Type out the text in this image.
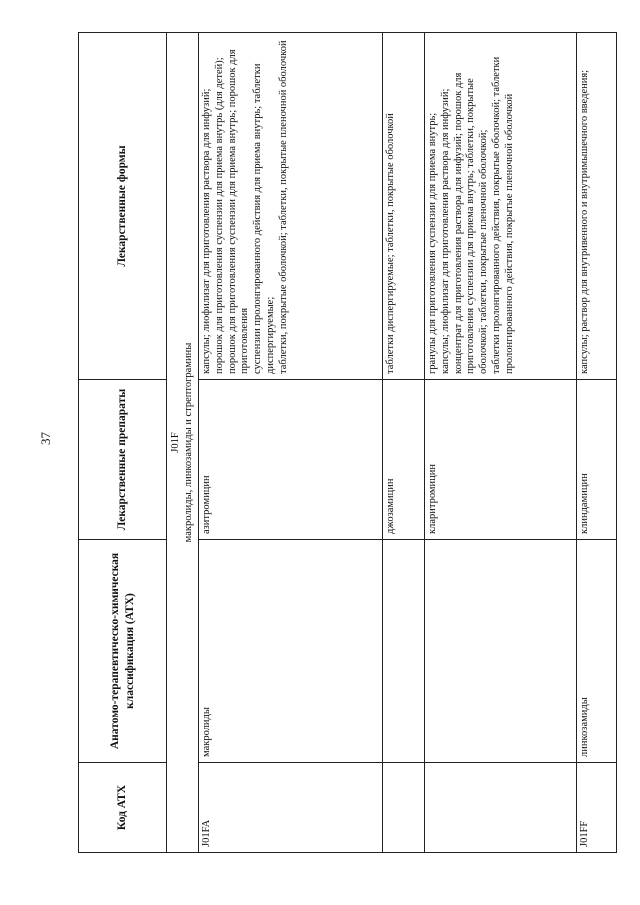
37
Код АТХ	Анатомо-терапевтическо-химическая классификация (АТХ)	Лекарственные препараты	Лекарственные формы

J01F макролиды, линкозамиды и стрептограмины			

J01FA	макролиды	азитромицин	капсулы; лиофилизат для приготовления раствора для инфузий; порошок для приготовления суспензии для приема внутрь (для детей); порошок для приготовления суспензии для приема внутрь; порошок для приготовления суспензии пролонгированного действия для приема внутрь; таблетки диспергируемые; таблетки, покрытые оболочкой; таблетки, покрытые пленочной оболочкой

		джозамицин	таблетки диспергируемые; таблетки, покрытые оболочкой

		кларитромицин	гранулы для приготовления суспензии для приема внутрь; капсулы; лиофилизат для приготовления раствора для инфузий; концентрат для приготовления раствора для инфузий; порошок для приготовления суспензии для приема внутрь; таблетки, покрытые оболочкой; таблетки, покрытые пленочной оболочкой; таблетки пролонгированного действия, покрытые оболочкой; таблетки пролонгированного действия, покрытые пленочной оболочкой

J01FF	линкозамиды	клиндамицин	капсулы; раствор для внутривенного и внутримышечного введения;
